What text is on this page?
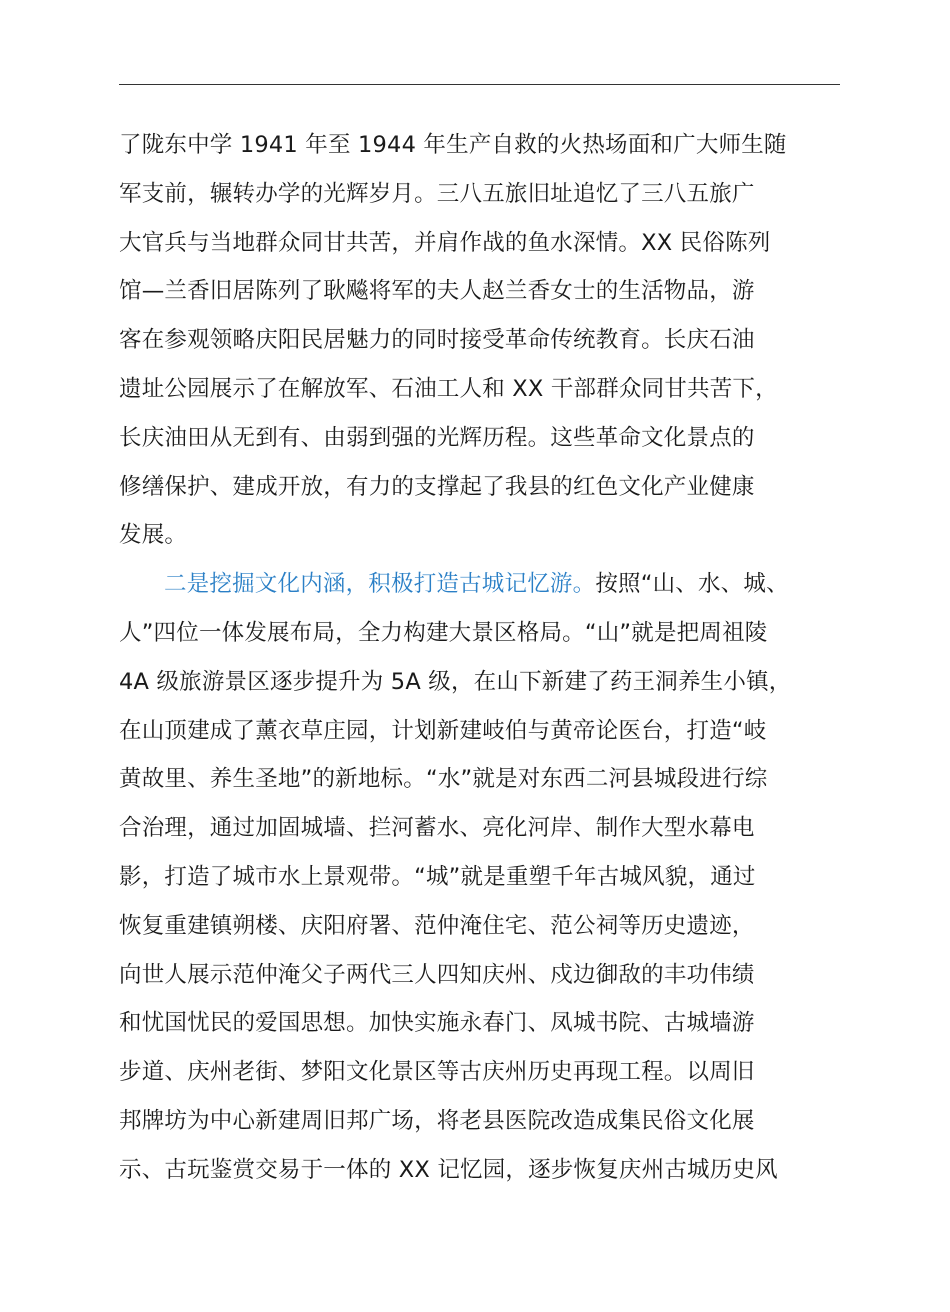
了陇东中学 1941 年至 1944 年生产自救的火热场面和广大师生随
军支前，辗转办学的光辉岁月。三八五旅旧址追忆了三八五旅广
大官兵与当地群众同甘共苦，并肩作战的鱼水深情。XX 民俗陈列
馆—兰香旧居陈列了耿飚将军的夫人赵兰香女士的生活物品，游
客在参观领略庆阳民居魅力的同时接受革命传统教育。长庆石油
遗址公园展示了在解放军、石油工人和 XX 干部群众同甘共苦下，
长庆油田从无到有、由弱到强的光辉历程。这些革命文化景点的
修缮保护、建成开放，有力的支撑起了我县的红色文化产业健康
发展。

二是挖掘文化内涵，积极打造古城记忆游。按照“山、水、城、
人”四位一体发展布局，全力构建大景区格局。“山”就是把周祖陵
4A 级旅游景区逐步提升为 5A 级，在山下新建了药王洞养生小镇，
在山顶建成了薰衣草庄园，计划新建岐伯与黄帝论医台，打造“岐
黄故里、养生圣地”的新地标。“水”就是对东西二河县城段进行综
合治理，通过加固城墙、拦河蓄水、亮化河岸、制作大型水幕电
影，打造了城市水上景观带。“城”就是重塑千年古城风貌，通过
恢复重建镇朔楼、庆阳府署、范仲淹住宅、范公祠等历史遗迹，
向世人展示范仲淹父子两代三人四知庆州、戍边御敌的丰功伟绩
和忧国忧民的爱国思想。加快实施永春门、凤城书院、古城墙游
步道、庆州老街、梦阳文化景区等古庆州历史再现工程。以周旧
邦牌坊为中心新建周旧邦广场，将老县医院改造成集民俗文化展
示、古玩鉴赏交易于一体的 XX 记忆园，逐步恢复庆州古城历史风
